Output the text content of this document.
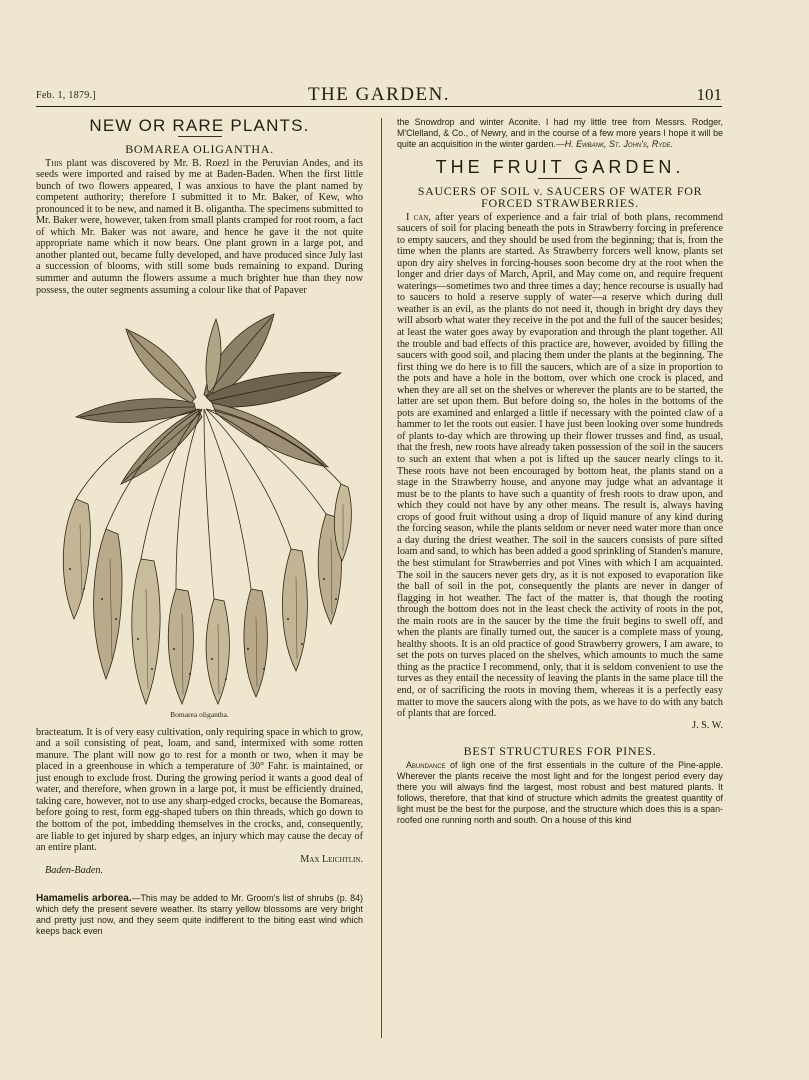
Feb. 1, 1879.]	THE GARDEN.	101
NEW OR RARE PLANTS.
BOMAREA OLIGANTHA.

This plant was discovered by Mr. B. Roezl in the Peruvian Andes, and its seeds were imported and raised by me at Baden-Baden. When the first little bunch of two flowers appeared, I was anxious to have the plant named by competent authority; therefore I submitted it to Mr. Baker, of Kew, who pronounced it to be new, and named it B. oligantha. The specimens submitted to Mr. Baker were, however, taken from small plants cramped for root room, a fact of which Mr. Baker was not aware, and hence he gave it the not quite appropriate name which it now bears. One plant grown in a large pot, and another planted out, became fully developed, and have produced since July last a succession of blooms, with still some buds remaining to expand. During summer and autumn the flowers assume a much brighter hue than they now possess, the outer segments assuming a colour like that of Papaver

Bomarea oligantha.

bracteatum. It is of very easy cultivation, only requiring space in which to grow, and a soil consisting of peat, loam, and sand, intermixed with some rotten manure. The plant will now go to rest for a month or two, when it may be placed in a greenhouse in which a temperature of 30° Fahr. is maintained, or just enough to exclude frost. During the growing period it wants a good deal of water, and therefore, when grown in a large pot, it must be efficiently drained, taking care, however, not to use any sharp-edged crocks, because the Bomareas, before going to rest, form egg-shaped tubers on thin threads, which go down to the bottom of the pot, imbedding themselves in the crocks, and, consequently, are liable to get injured by sharp edges, an injury which may cause the decay of an entire plant.

Max Leichtlin.
Baden-Baden.

Hamamelis arborea.—This may be added to Mr. Groom's list of shrubs (p. 84) which defy the present severe weather. Its starry yellow blossoms are very bright and pretty just now, and they seem quite indifferent to the biting east wind which keeps back even

the Snowdrop and winter Aconite. I had my little tree from Messrs. Rodger, M'Clelland, & Co., of Newry, and in the course of a few more years I hope it will be quite an acquisition in the winter garden.—H. Ewbank, St. John's, Ryde.

THE FRUIT GARDEN.
SAUCERS OF SOIL v. SAUCERS OF WATER FOR FORCED STRAWBERRIES.

I can, after years of experience and a fair trial of both plans, recommend saucers of soil for placing beneath the pots in Strawberry forcing in preference to empty saucers, and they should be used from the beginning; that is, from the time when the plants are started. As Strawberry forcers well know, plants set upon dry airy shelves in forcing-houses soon become dry at the root when the longer and drier days of March, April, and May come on, and require frequent waterings—sometimes two and three times a day; hence recourse is usually had to saucers to hold a reserve supply of water—a reserve which during dull weather is an evil, as the plants do not need it, though in bright dry days they will absorb what water they receive in the pot and the full of the saucer besides; at least the water goes away by evaporation and through the plant together. All the trouble and bad effects of this practice are, however, avoided by filling the saucers with good soil, and placing them under the plants at the beginning. The first thing we do here is to fill the saucers, which are of a size in proportion to the pots and have a hole in the bottom, over which one crock is placed, and when they are all set on the shelves or wherever the plants are to be started, the latter are set upon them. But before doing so, the holes in the bottoms of the pots are examined and enlarged a little if necessary with the pointed claw of a hammer to let the roots out easier. I have just been looking over some hundreds of plants to-day which are throwing up their flower trusses and find, as usual, that the fresh, new roots have already taken possession of the soil in the saucers to such an extent that when a pot is lifted up the saucer nearly clings to it. These roots have not been encouraged by bottom heat, the plants stand on a stage in the Strawberry house, and anyone may judge what an advantage it must be to the plants to have such a quantity of fresh roots to draw upon, and which they could not have by any other means. The result is, always having crops of good fruit without using a drop of liquid manure of any kind during the forcing season, while the plants seldom or never need water more than once a day during the driest weather. The soil in the saucers consists of pure sifted loam and sand, to which has been added a good sprinkling of Standen's manure, the best stimulant for Strawberries and pot Vines with which I am acquainted. The soil in the saucers never gets dry, as it is not exposed to evaporation like the ball of soil in the pot, consequently the plants are never in danger of flagging in hot weather. The fact of the matter is, that though the rooting through the bottom does not in the least check the activity of roots in the pot, the main roots are in the saucer by the time the fruit begins to swell off, and when the plants are finally turned out, the saucer is a complete mass of young, healthy shoots. It is an old practice of good Strawberry growers, I am aware, to set the pots on turves placed on the shelves, which amounts to much the same thing as the practice I recommend, only, that it is seldom convenient to use the turves as they entail the necessity of leaving the plants in the same place till the end, or of sacrificing the roots in moving them, whereas it is a perfectly easy matter to move the saucers along with the pots, as we have to do with any batch of plants that are forced.

J. S. W.
BEST STRUCTURES FOR PINES.

Abundance of ligh one of the first essentials in the culture of the Pine-apple. Wherever the plants receive the most light and for the longest period every day there you will always find the largest, most robust and best matured plants. It follows, therefore, that that kind of structure which admits the greatest quantity of light must be the best for the purpose, and the structure which does this is a span-roofed one running north and south. On a house of this kind
